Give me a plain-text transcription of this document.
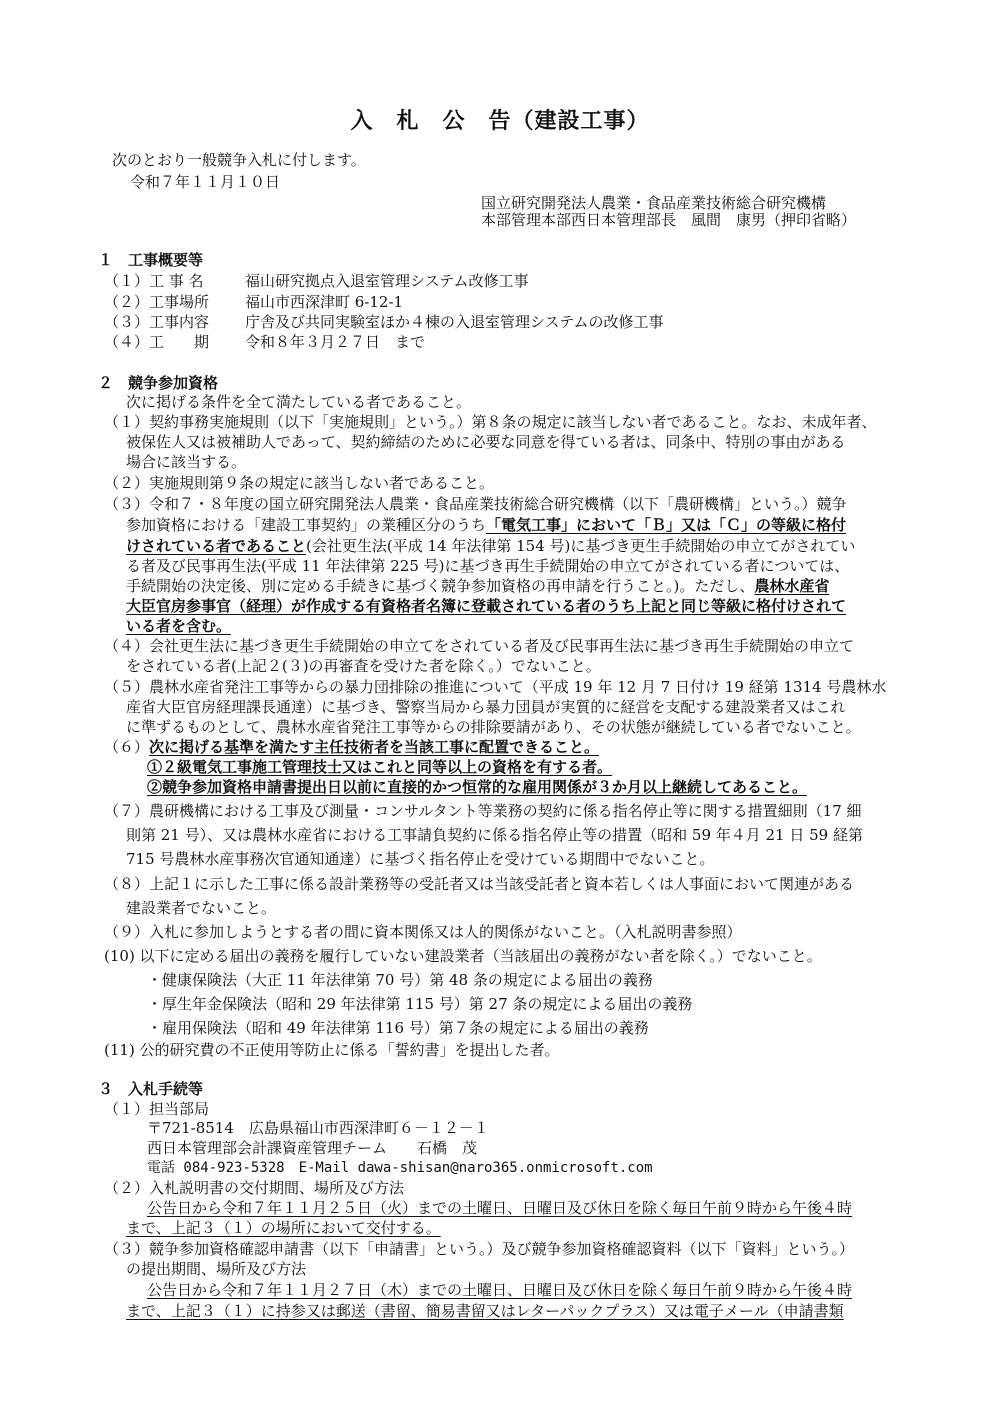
入　札　公　告（建設工事）
次のとおり一般競争入札に付します。
令和７年１１月１０日
国立研究開発法人農業・食品産業技術総合研究機構
本部管理本部西日本管理部長　風間　康男（押印省略）
１　工事概要等
（１）工 事 名	福山研究拠点入退室管理システム改修工事
（２）工事場所 福山市西深津町 6-12-1
（３）工事内容 庁舎及び共同実験室ほか４棟の入退室管理システムの改修工事
（４）工　　期 令和８年３月２７日　まで
２　競争参加資格
次に掲げる条件を全て満たしている者であること。
（１）契約事務実施規則（以下「実施規則」という。）第８条の規定に該当しない者であること。なお、未成年者、
被保佐人又は被補助人であって、契約締結のために必要な同意を得ている者は、同条中、特別の事由がある
場合に該当する。
（２）実施規則第９条の規定に該当しない者であること。
（３）令和７・８年度の国立研究開発法人農業・食品産業技術総合研究機構（以下「農研機構」という。）競争
参加資格における「建設工事契約」の業種区分のうち「電気工事」において「Ｂ」又は「Ｃ」の等級に格付
けされている者であること(会社更生法(平成 14 年法律第 154 号)に基づき更生手続開始の申立てがされてい
る者及び民事再生法(平成 11 年法律第 225 号)に基づき再生手続開始の申立てがされている者については、
手続開始の決定後、別に定める手続きに基づく競争参加資格の再申請を行うこと。)。ただし、農林水産省
大臣官房参事官（経理）が作成する有資格者名簿に登載されている者のうち上記と同じ等級に格付けされて
いる者を含む。
（４）会社更生法に基づき更生手続開始の申立てをされている者及び民事再生法に基づき再生手続開始の申立て
をされている者(上記２(３)の再審査を受けた者を除く。）でないこと。
（５）農林水産省発注工事等からの暴力団排除の推進について（平成 19 年 12 月 7 日付け 19 経第 1314 号農林水
産省大臣官房経理課長通達）に基づき、警察当局から暴力団員が実質的に経営を支配する建設業者又はこれ
に準ずるものとして、農林水産省発注工事等からの排除要請があり、その状態が継続している者でないこと。
（６）次に掲げる基準を満たす主任技術者を当該工事に配置できること。
①２級電気工事施工管理技士又はこれと同等以上の資格を有する者。
②競争参加資格申請書提出日以前に直接的かつ恒常的な雇用関係が３か月以上継続してあること。
（７）農研機構における工事及び測量・コンサルタント等業務の契約に係る指名停止等に関する措置細則（17 細
則第 21 号）、又は農林水産省における工事請負契約に係る指名停止等の措置（昭和 59 年４月 21 日 59 経第
715 号農林水産事務次官通知通達）に基づく指名停止を受けている期間中でないこと。
（８）上記１に示した工事に係る設計業務等の受託者又は当該受託者と資本若しくは人事面において関連がある
建設業者でないこと。
（９）入札に参加しようとする者の間に資本関係又は人的関係がないこと。（入札説明書参照）
(10) 以下に定める届出の義務を履行していない建設業者（当該届出の義務がない者を除く。）でないこと。
・健康保険法（大正 11 年法律第 70 号）第 48 条の規定による届出の義務
・厚生年金保険法（昭和 29 年法律第 115 号）第 27 条の規定による届出の義務
・雇用保険法（昭和 49 年法律第 116 号）第７条の規定による届出の義務
(11) 公的研究費の不正使用等防止に係る「誓約書」を提出した者。
３　入札手続等
（１）担当部局
〒721-8514　広島県福山市西深津町６－１２－１
西日本管理部会計課資産管理チーム　　石橋　茂
電話 084-923-5328　E-Mail dawa-shisan@naro365.onmicrosoft.com
（２）入札説明書の交付期間、場所及び方法
公告日から令和７年１１月２５日（火）までの土曜日、日曜日及び休日を除く毎日午前９時から午後４時
まで、上記３（１）の場所において交付する。
（３）競争参加資格確認申請書（以下「申請書」という。）及び競争参加資格確認資料（以下「資料」という。）
の提出期間、場所及び方法
公告日から令和７年１１月２７日（木）までの土曜日、日曜日及び休日を除く毎日午前９時から午後４時
まで、上記３（１）に持参又は郵送（書留、簡易書留又はレターパックプラス）又は電子メール（申請書類
